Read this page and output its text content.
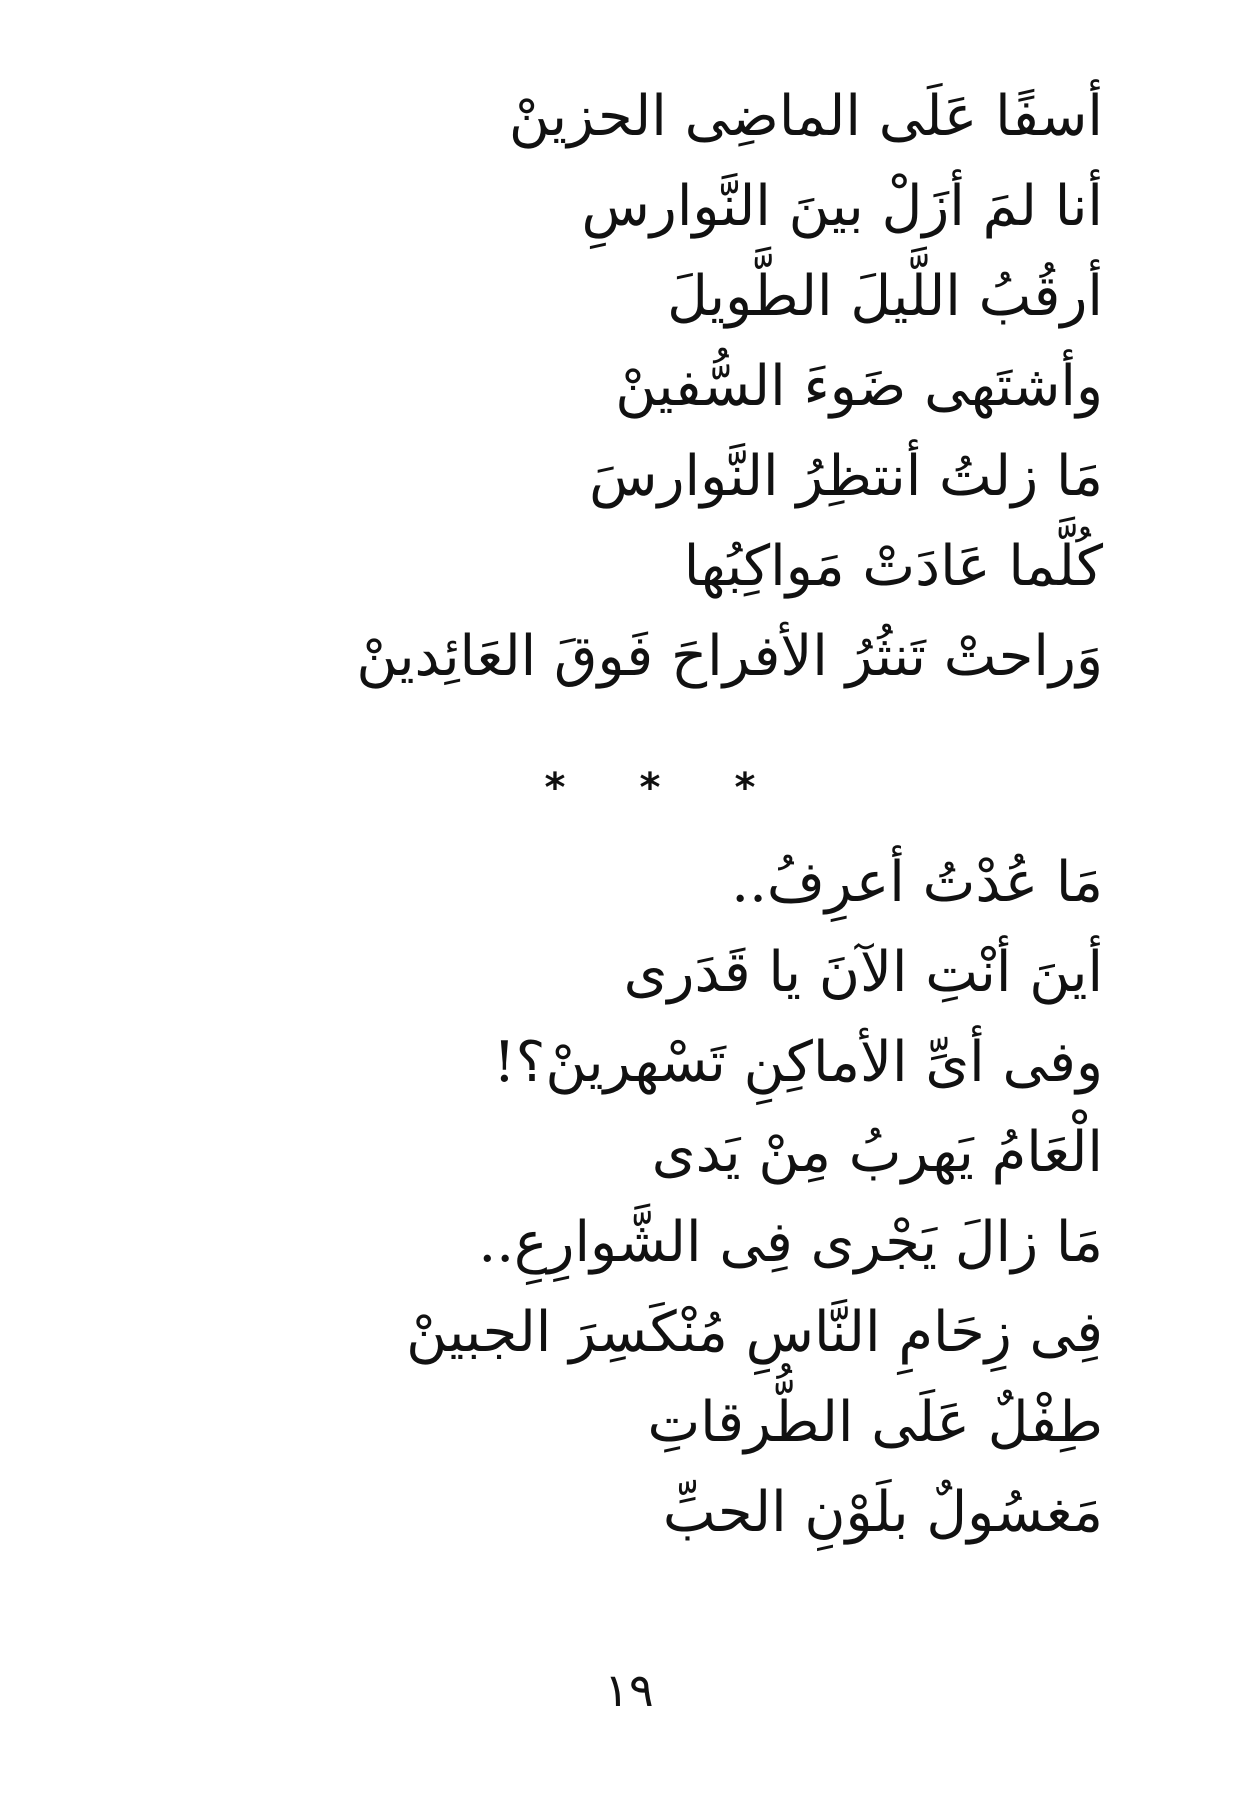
أسفًا عَلَى الماضِى الحزينْ
أنا لمَ أزَلْ بينَ النَّوارسِ
أرقُبُ اللَّيلَ الطَّويلَ
وأشتَهى ضَوءَ السُّفينْ
مَا زلتُ أنتظِرُ النَّوارسَ
كُلَّما عَادَتْ مَواكِبُها
وَراحتْ تَنثُرُ الأفراحَ فَوقَ العَائِدينْ
*	*	*
مَا عُدْتُ أعرِفُ..
أينَ أنْتِ الآنَ يا قَدَرى
وفى أىِّ الأماكِنِ تَسْهرينْ؟!
الْعَامُ يَهربُ مِنْ يَدى
مَا زالَ يَجْرى فِى الشَّوارِعِ..
فِى زِحَامِ النَّاسِ مُنْكَسِرَ الجبينْ
طِفْلٌ عَلَى الطُّرقاتِ
مَغسُولٌ بلَوْنِ الحبِّ
١٩
